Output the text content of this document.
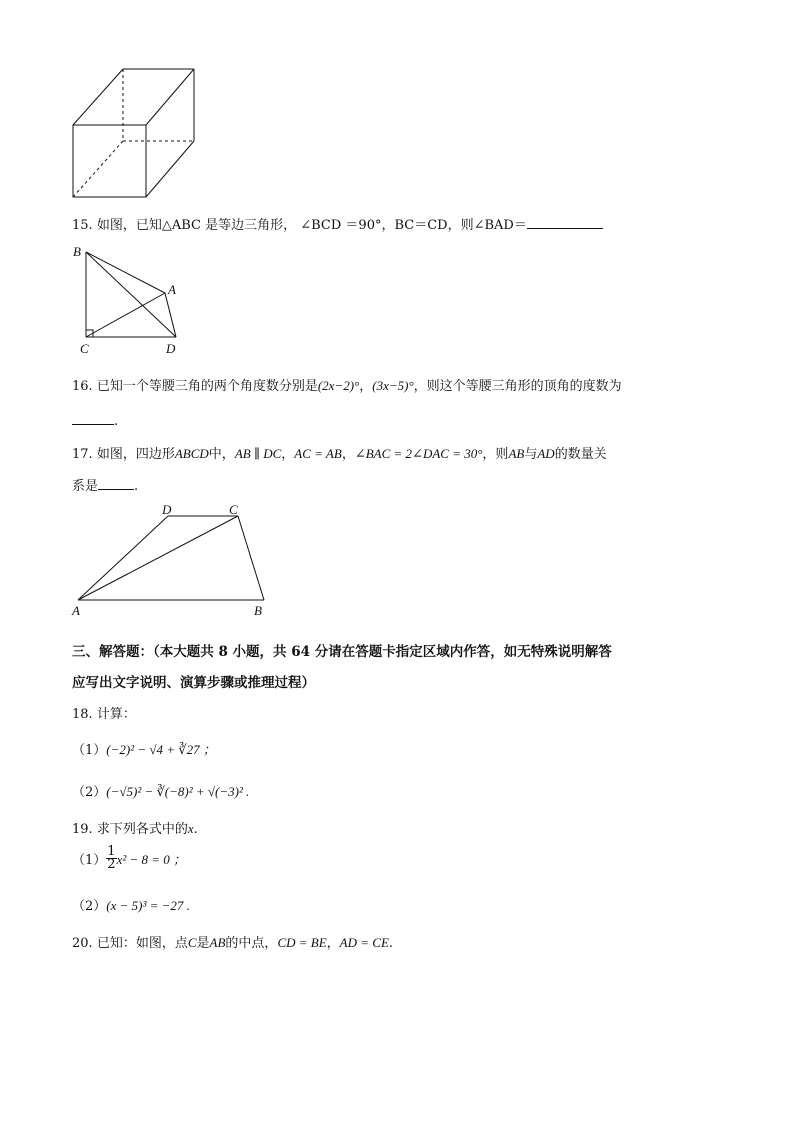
15. 如图，已知△ABC 是等边三角形， ∠BCD ＝90°，BC＝CD，则∠BAD＝
B
A
C	D
16. 已知一个等腰三角的两个角度数分别是(2x−2)°，(3x−5)°，则这个等腰三角形的顶角的度数为
.
17. 如图，四边形ABCD中，AB ∥ DC，AC = AB，∠BAC = 2∠DAC = 30°，则AB与AD的数量关
系是	.
D	C
A	B
三、解答题：（本大题共 8 小题，共 64 分请在答题卡指定区域内作答，如无特殊说明解答
应写出文字说明、演算步骤或推理过程）
18. 计算：
（1）(−2)² − √4 + ∛27 ；
（2）(−√5)² − ∛(−8)² + √(−3)² .
19. 求下列各式中的x.
$(1) \frac{1}{2} x^2 - 8 = 0$ ；
（2）(x − 5)³ = −27 .
20. 已知：如图，点C是AB的中点，CD = BE，AD = CE.
